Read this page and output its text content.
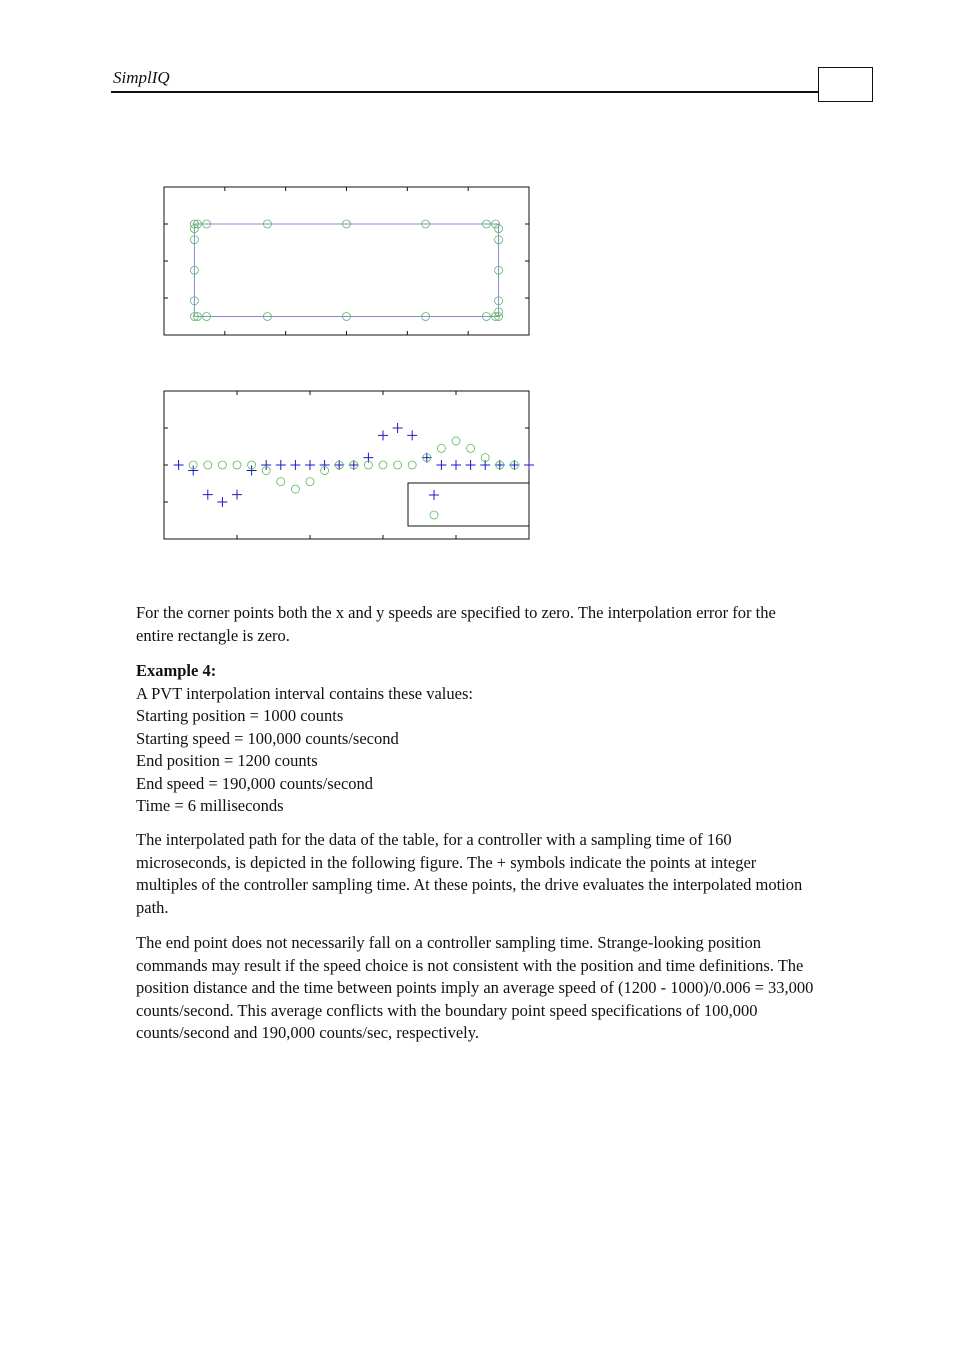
SimplIQ

For the corner points both the x and y speeds are specified to zero. The interpolation error for the entire rectangle is zero.

Example 4:

A PVT interpolation interval contains these values:

Starting position = 1000 counts

Starting speed = 100,000 counts/second

End position = 1200 counts

End speed = 190,000 counts/second

Time = 6 milliseconds

The interpolated path for the data of the table, for a controller with a sampling time of 160 microseconds, is depicted in the following figure. The + symbols indicate the points at integer multiples of the controller sampling time. At these points, the drive evaluates the interpolated motion path.

The end point does not necessarily fall on a controller sampling time. Strange-looking position commands may result if the speed choice is not consistent with the position and time definitions. The position distance and the time between points imply an average speed of (1200 - 1000)/0.006 = 33,000 counts/second. This average conflicts with the boundary point speed specifications of 100,000 counts/second and 190,000 counts/sec, respectively.
